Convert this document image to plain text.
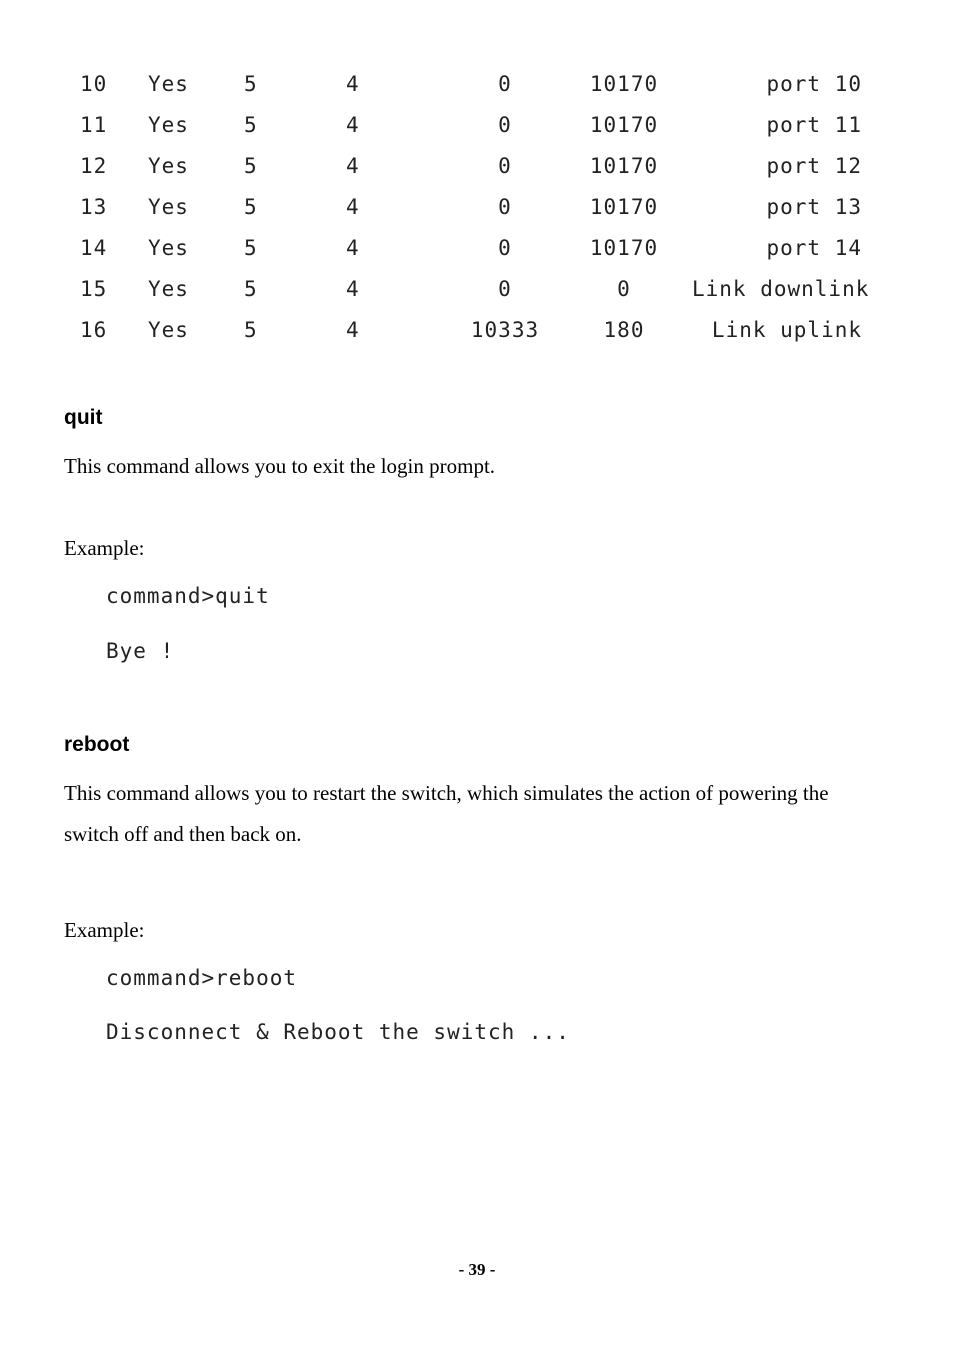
10 Yes	5	4	0	10170	port 10
11 Yes	5	4	0	10170	port 11
12 Yes	5	4	0	10170	port 12
13 Yes	5	4	0	10170	port 13
14 Yes	5	4	0	10170	port 14
15 Yes	5	4	0	0	Link downlink
16 Yes	5	4	10333	180	Link uplink
quit
This command allows you to exit the login prompt.
Example:
command>quit
Bye !
reboot
This command allows you to restart the switch, which simulates the action of powering the switch off and then back on.
Example:
command>reboot
Disconnect & Reboot the switch ...
- 39 -
